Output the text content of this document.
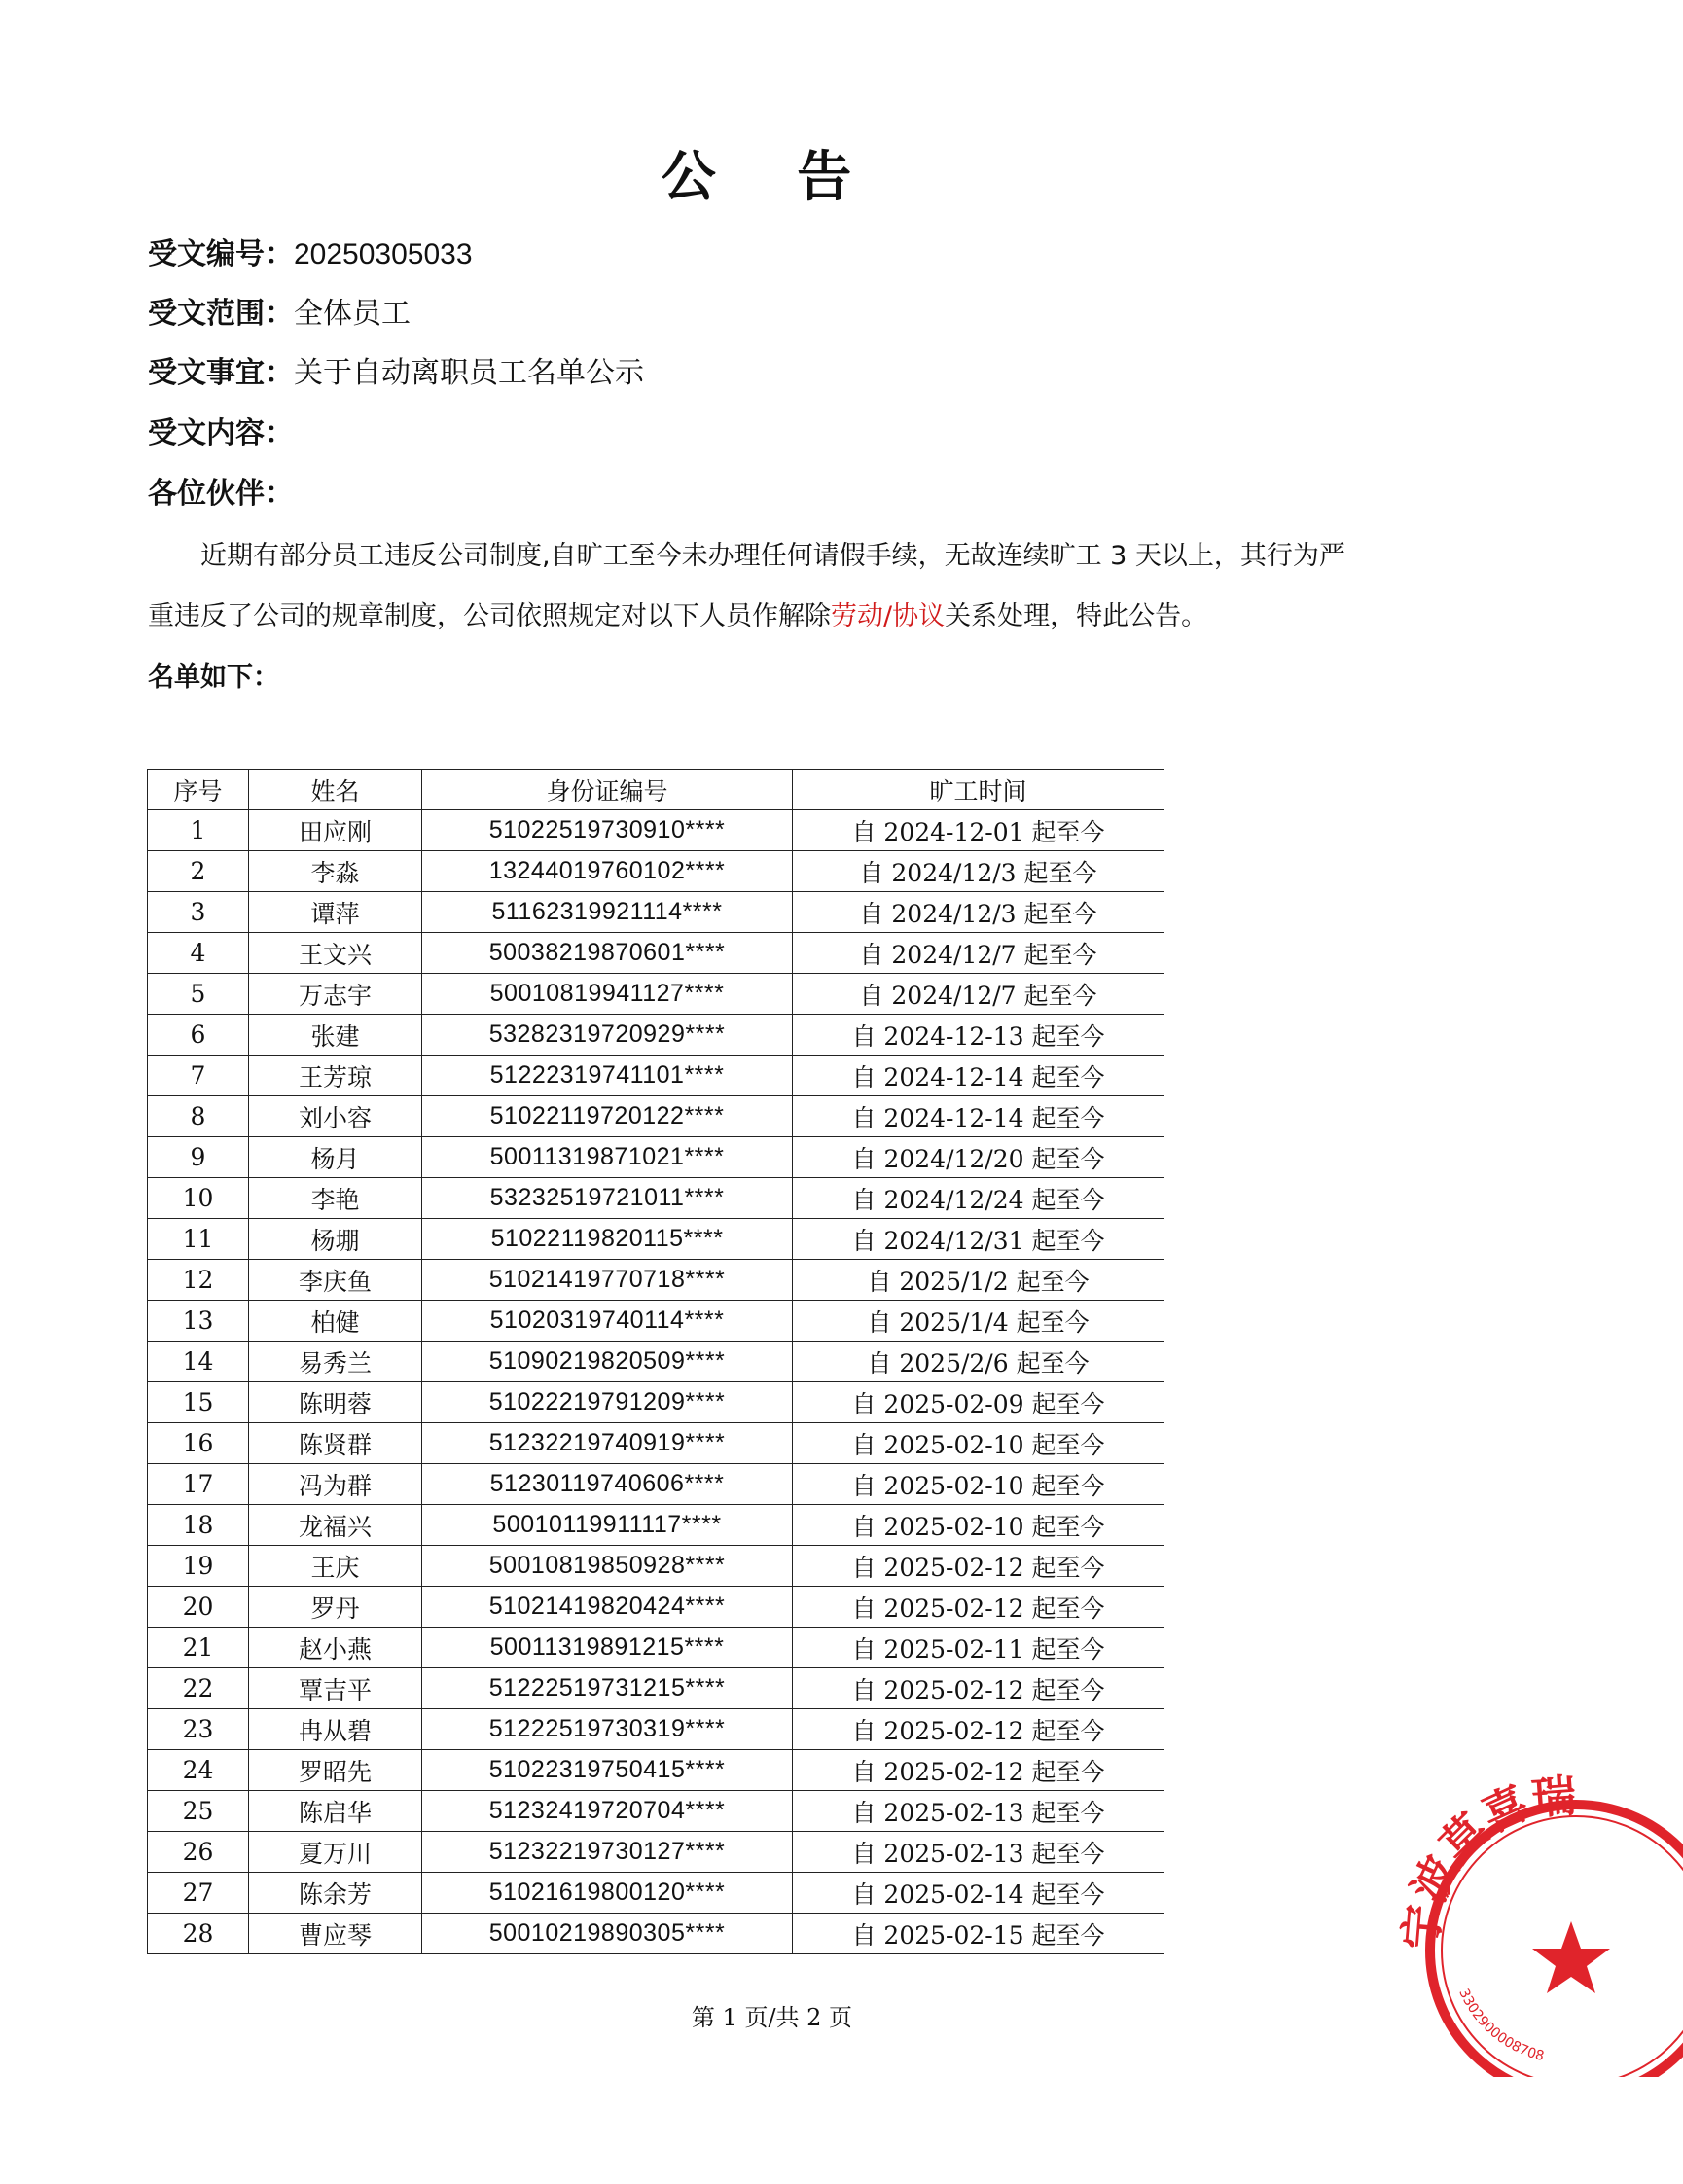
公 告
受文编号：20250305033
受文范围：全体员工
受文事宜：关于自动离职员工名单公示
受文内容：
各位伙伴：
近期有部分员工违反公司制度,自旷工至今未办理任何请假手续，无故连续旷工 3 天以上，其行为严
重违反了公司的规章制度，公司依照规定对以下人员作解除劳动/协议关系处理，特此公告。
名单如下：
序号	姓名	身份证编号	旷工时间
1	田应刚	51022519730910****	自 2024-12-01 起至今
2	李淼	13244019760102****	自 2024/12/3 起至今
3	谭萍	51162319921114****	自 2024/12/3 起至今
4	王文兴	50038219870601****	自 2024/12/7 起至今
5	万志宇	50010819941127****	自 2024/12/7 起至今
6	张建	53282319720929****	自 2024-12-13 起至今
7	王芳琼	51222319741101****	自 2024-12-14 起至今
8	刘小容	51022119720122****	自 2024-12-14 起至今
9	杨月	50011319871021****	自 2024/12/20 起至今
10	李艳	53232519721011****	自 2024/12/24 起至今
11	杨堋	51022119820115****	自 2024/12/31 起至今
12	李庆鱼	51021419770718****	自 2025/1/2 起至今
13	柏健	51020319740114****	自 2025/1/4 起至今
14	易秀兰	51090219820509****	自 2025/2/6 起至今
15	陈明蓉	51022219791209****	自 2025-02-09 起至今
16	陈贤群	51232219740919****	自 2025-02-10 起至今
17	冯为群	51230119740606****	自 2025-02-10 起至今
18	龙福兴	50010119911117****	自 2025-02-10 起至今
19	王庆	50010819850928****	自 2025-02-12 起至今
20	罗丹	51021419820424****	自 2025-02-12 起至今
21	赵小燕	50011319891215****	自 2025-02-11 起至今
22	覃吉平	51222519731215****	自 2025-02-12 起至今
23	冉从碧	51222519730319****	自 2025-02-12 起至今
24	罗昭先	51022319750415****	自 2025-02-12 起至今
25	陈启华	51232419720704****	自 2025-02-13 起至今
26	夏万川	51232219730127****	自 2025-02-13 起至今
27	陈余芳	51021619800120****	自 2025-02-14 起至今
28	曹应琴	50010219890305****	自 2025-02-15 起至今
第 1 页/共 2 页
宁波莫喜瑞
3302900008708
